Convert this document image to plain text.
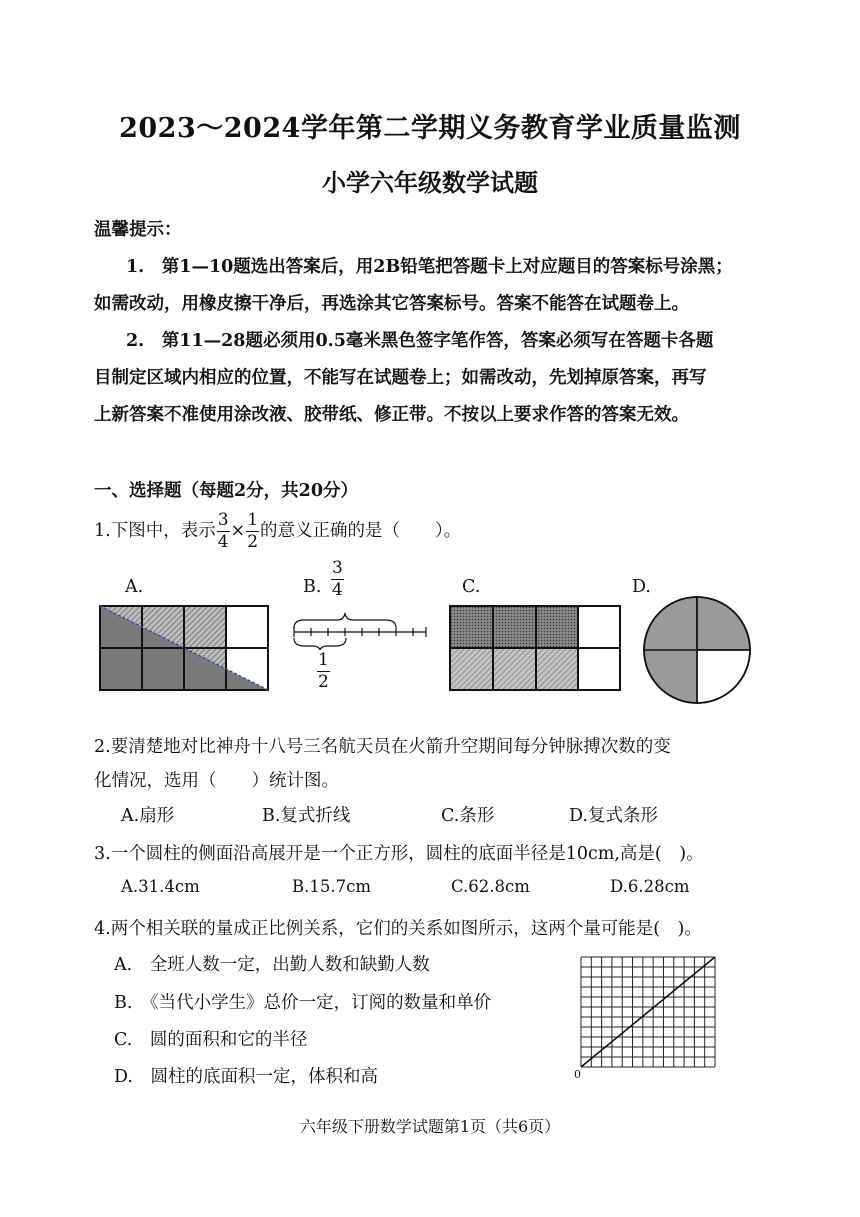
2023～2024学年第二学期义务教育学业质量监测
小学六年级数学试题
温馨提示：
1.　第1—10题选出答案后，用2B铅笔把答题卡上对应题目的答案标号涂黑；
如需改动，用橡皮擦干净后，再选涂其它答案标号。答案不能答在试题卷上。
2.　第11—28题必须用0.5毫米黑色签字笔作答，答案必须写在答题卡各题
目制定区域内相应的位置，不能写在试题卷上；如需改动，先划掉原答案，再写
上新答案不准使用涂改液、胶带纸、修正带。不按以上要求作答的答案无效。
一、选择题（每题2分，共20分）
1.下图中，表示 $\frac{3}{4} \times \frac{1}{2}$ 的意义正确的是（　　）。
A.	B.	C.	D.
$\frac{3}{4}$
$\frac{1}{2}$
2.要清楚地对比神舟十八号三名航天员在火箭升空期间每分钟脉搏次数的变
化情况，选用（　　）统计图。
A.扇形	B.复式折线	C.条形	D.复式条形
3.一个圆柱的侧面沿高展开是一个正方形，圆柱的底面半径是10cm,高是(　)。
A.31.4cm	B.15.7cm	C.62.8cm	D.6.28cm
4.两个相关联的量成正比例关系，它们的关系如图所示，这两个量可能是(　)。
A.　全班人数一定，出勤人数和缺勤人数
B.　《当代小学生》总价一定，订阅的数量和单价
C.　圆的面积和它的半径
D.　圆柱的底面积一定，体积和高	0
六年级下册数学试题第1页（共6页）
